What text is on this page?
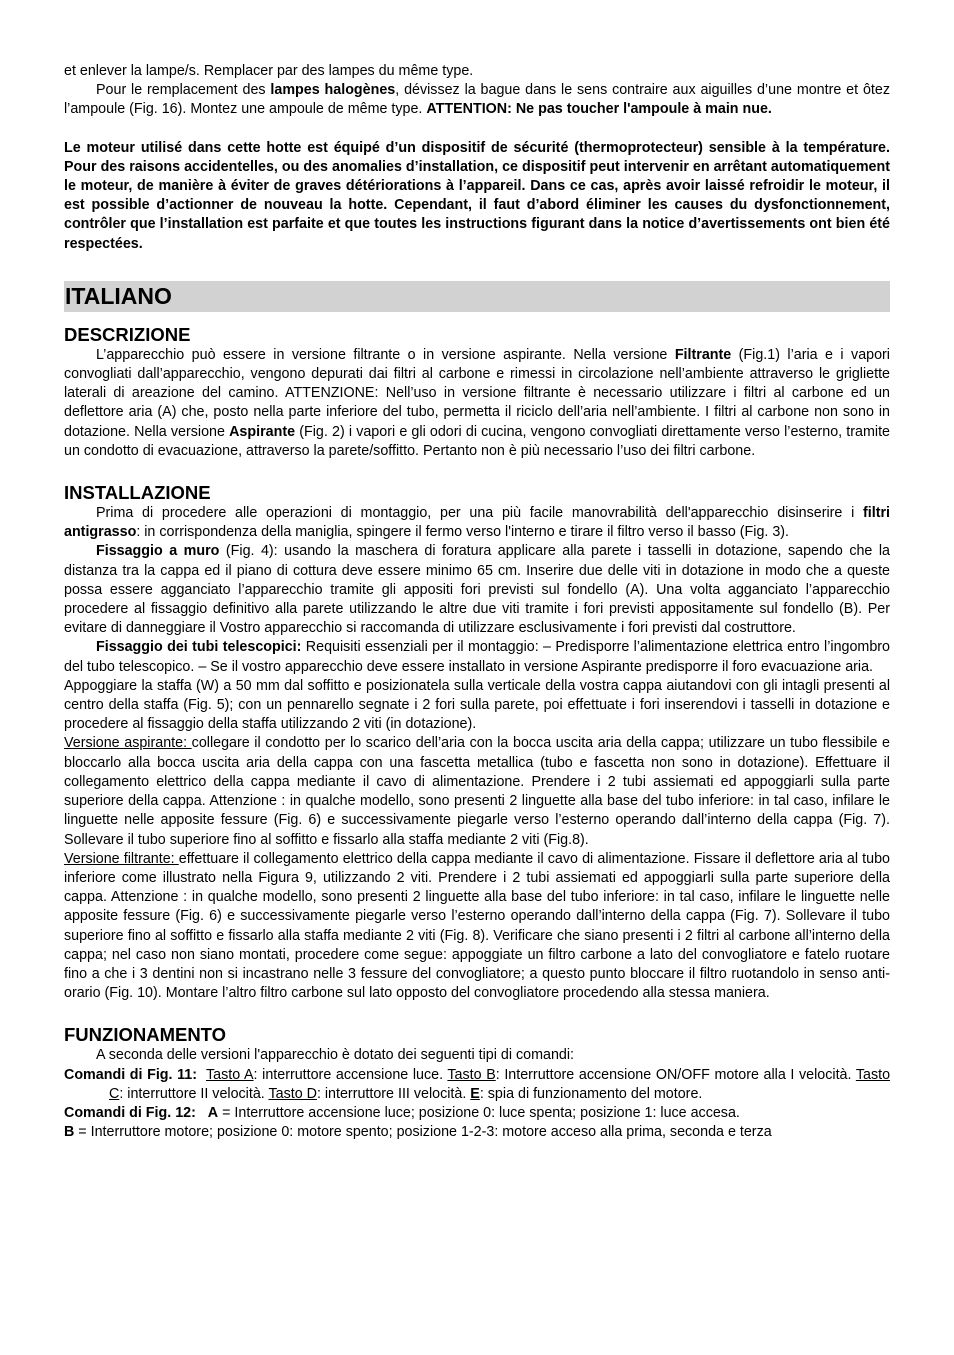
et enlever la lampe/s. Remplacer par des lampes du même type.

Pour le remplacement des lampes halogènes, dévissez la bague dans le sens contraire aux aiguilles d’une montre et ôtez l’ampoule (Fig. 16). Montez une ampoule de même type. ATTENTION: Ne pas toucher l'ampoule à main nue.

Le moteur utilisé dans cette hotte est équipé d’un dispositif de sécurité (thermoprotecteur) sensible à la température. Pour des raisons accidentelles, ou des anomalies d’installation, ce dispositif peut intervenir en arrêtant automatiquement le moteur, de manière à éviter de graves détériorations à l’appareil. Dans ce cas, après avoir laissé refroidir le moteur, il est possible d’actionner de nouveau la hotte. Cependant, il faut d’abord éliminer les causes du dysfonctionnement, contrôler que l’installation est parfaite et que toutes les instructions figurant dans la notice d’avertissements ont bien été respectées.

ITALIANO
DESCRIZIONE

L’apparecchio può essere in versione filtrante o in versione aspirante. Nella versione Filtrante (Fig.1) l’aria e i vapori convogliati dall’apparecchio, vengono depurati dai filtri al carbone e rimessi in circolazione nell’ambiente attraverso le grigliette laterali di areazione del camino. ATTENZIONE: Nell’uso in versione filtrante è necessario utilizzare i filtri al carbone ed un deflettore aria (A) che, posto nella parte inferiore del tubo, permetta il riciclo dell’aria nell’ambiente. I filtri al carbone non sono in dotazione. Nella versione Aspirante (Fig. 2) i vapori e gli odori di cucina, vengono convogliati direttamente verso l’esterno, tramite un condotto di evacuazione, attraverso la parete/soffitto. Pertanto non è più necessario l’uso dei filtri carbone.

INSTALLAZIONE

Prima di procedere alle operazioni di montaggio, per una più facile manovrabilità dell'apparecchio disinserire i filtri antigrasso: in corrispondenza della maniglia, spingere il fermo verso l'interno e tirare il filtro verso il basso (Fig. 3).

Fissaggio a muro (Fig. 4): usando la maschera di foratura applicare alla parete i tasselli in dotazione, sapendo che la distanza tra la cappa ed il piano di cottura deve essere minimo 65 cm. Inserire due delle viti in dotazione in modo che a queste possa essere agganciato l’apparecchio tramite gli appositi fori previsti sul fondello (A). Una volta agganciato l’apparecchio procedere al fissaggio definitivo alla parete utilizzando le altre due viti tramite i fori previsti appositamente sul fondello (B). Per evitare di danneggiare il Vostro apparecchio si raccomanda di utilizzare esclusivamente i fori previsti dal costruttore.

Fissaggio dei tubi telescopici: Requisiti essenziali per il montaggio: – Predisporre l’alimentazione elettrica entro l’ingombro del tubo telescopico. – Se il vostro apparecchio deve essere installato in versione Aspirante predisporre il foro evacuazione aria.

Appoggiare la staffa (W) a 50 mm dal soffitto e posizionatela sulla verticale della vostra cappa aiutandovi con gli intagli presenti al centro della staffa (Fig. 5); con un pennarello segnate i 2 fori sulla parete, poi effettuate i fori inserendovi i tasselli in dotazione e procedere al fissaggio della staffa utilizzando 2 viti (in dotazione).

Versione aspirante: collegare il condotto per lo scarico dell’aria con la bocca uscita aria della cappa; utilizzare un tubo flessibile e bloccarlo alla bocca uscita aria della cappa con una fascetta metallica (tubo e fascetta non sono in dotazione). Effettuare il collegamento elettrico della cappa mediante il cavo di alimentazione. Prendere i 2 tubi assiemati ed appoggiarli sulla parte superiore della cappa. Attenzione : in qualche modello, sono presenti 2 linguette alla base del tubo inferiore: in tal caso, infilare le linguette nelle apposite fessure (Fig. 6) e successivamente piegarle verso l’esterno operando dall’interno della cappa (Fig. 7). Sollevare il tubo superiore fino al soffitto e fissarlo alla staffa mediante 2 viti (Fig.8).

Versione filtrante: effettuare il collegamento elettrico della cappa mediante il cavo di alimentazione. Fissare il deflettore aria al tubo inferiore come illustrato nella Figura 9, utilizzando 2 viti. Prendere i 2 tubi assiemati ed appoggiarli sulla parte superiore della cappa. Attenzione : in qualche modello, sono presenti 2 linguette alla base del tubo inferiore: in tal caso, infilare le linguette nelle apposite fessure (Fig. 6) e successivamente piegarle verso l’esterno operando dall’interno della cappa (Fig. 7). Sollevare il tubo superiore fino al soffitto e fissarlo alla staffa mediante 2 viti (Fig. 8). Verificare che siano presenti i 2 filtri al carbone all’interno della cappa; nel caso non siano montati, procedere come segue: appoggiate un filtro carbone a lato del convogliatore e fatelo ruotare fino a che i 3 dentini non si incastrano nelle 3 fessure del convogliatore; a questo punto bloccare il filtro ruotandolo in senso anti-orario (Fig. 10). Montare l’altro filtro carbone sul lato opposto del convogliatore procedendo alla stessa maniera.

FUNZIONAMENTO

A seconda delle versioni l'apparecchio è dotato dei seguenti tipi di comandi:

Comandi di Fig. 11: Tasto A: interruttore accensione luce. Tasto B: Interruttore accensione ON/OFF motore alla I velocità. Tasto C: interruttore II velocità. Tasto D: interruttore III velocità. E: spia di funzionamento del motore.

Comandi di Fig. 12: A = Interruttore accensione luce; posizione 0: luce spenta; posizione 1: luce accesa.

B = Interruttore motore; posizione 0: motore spento; posizione 1-2-3: motore acceso alla prima, seconda e terza
